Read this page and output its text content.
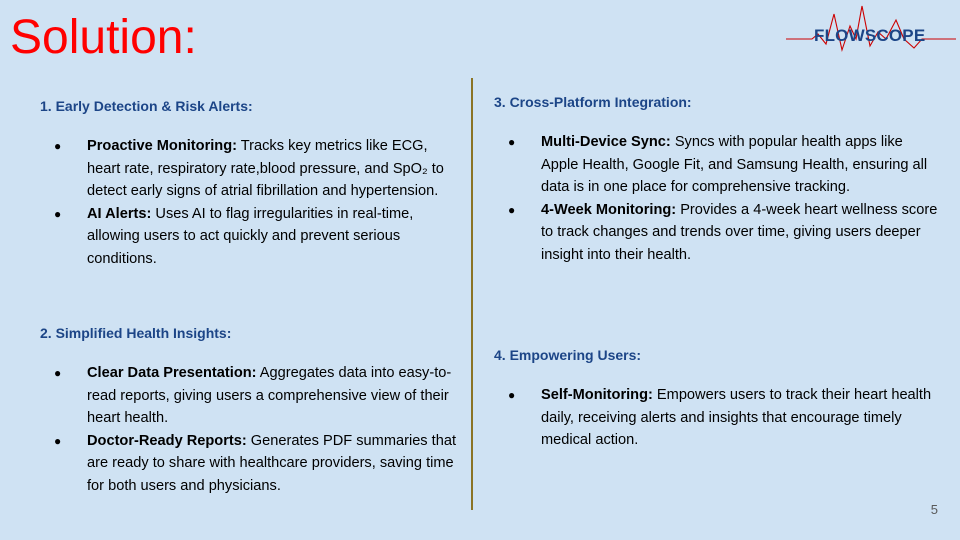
Solution:	FLOWSCOPE

1. Early Detection & Risk Alerts:

● Proactive Monitoring: Tracks key metrics like ECG, heart rate, respiratory rate,blood pressure, and SpO₂ to detect early signs of atrial fibrillation and hypertension.
● AI Alerts: Uses AI to flag irregularities in real-time, allowing users to act quickly and prevent serious conditions.

2. Simplified Health Insights:

● Clear Data Presentation: Aggregates data into easy-to-read reports, giving users a comprehensive view of their heart health.
● Doctor-Ready Reports: Generates PDF summaries that are ready to share with healthcare providers, saving time for both users and physicians.

3. Cross-Platform Integration:

● Multi-Device Sync: Syncs with popular health apps like Apple Health, Google Fit, and Samsung Health, ensuring all data is in one place for comprehensive tracking.
● 4-Week Monitoring: Provides a 4-week heart wellness score to track changes and trends over time, giving users deeper insight into their health.

4. Empowering Users:

● Self-Monitoring: Empowers users to track their heart health daily, receiving alerts and insights that encourage timely medical action.
5
